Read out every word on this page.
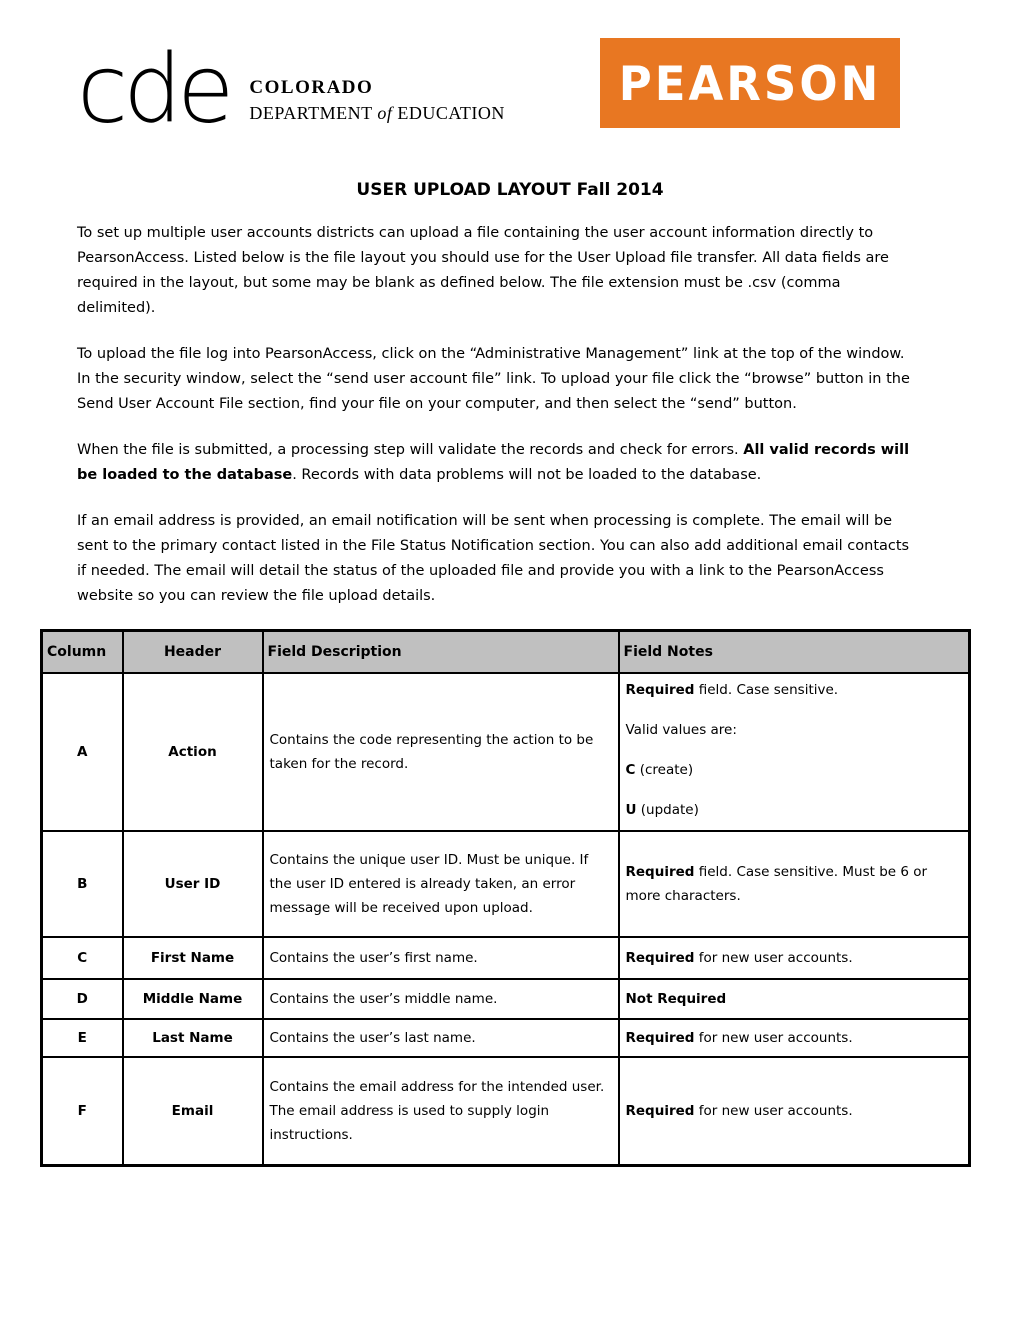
cde COLORADO
DEPARTMENT of EDUCATION
PEARSON
USER UPLOAD LAYOUT Fall 2014

To set up multiple user accounts districts can upload a file containing the user account information directly to PearsonAccess. Listed below is the file layout you should use for the User Upload file transfer. All data fields are required in the layout, but some may be blank as defined below. The file extension must be .csv (comma delimited).

To upload the file log into PearsonAccess, click on the “Administrative Management” link at the top of the window. In the security window, select the “send user account file” link. To upload your file click the “browse” button in the Send User Account File section, find your file on your computer, and then select the “send” button.

When the file is submitted, a processing step will validate the records and check for errors. All valid records will be loaded to the database. Records with data problems will not be loaded to the database.

If an email address is provided, an email notification will be sent when processing is complete. The email will be sent to the primary contact listed in the File Status Notification section. You can also add additional email contacts if needed. The email will detail the status of the uploaded file and provide you with a link to the PearsonAccess website so you can review the file upload details.

Column	Header	Field Description	Field Notes
A	Action	Contains the code representing the action to be taken for the record.	Required field. Case sensitive.
Valid values are:
C (create)
U (update)

B	User ID	Contains the unique user ID. Must be unique. If the user ID entered is already taken, an error message will be received upon upload.	Required field. Case sensitive. Must be 6 or more characters.
C	First Name	Contains the user’s first name.	Required for new user accounts.
D	Middle Name	Contains the user’s middle name.	Not Required
E	Last Name	Contains the user’s last name.	Required for new user accounts.
F	Email	Contains the email address for the intended user. The email address is used to supply login instructions.	Required for new user accounts.
